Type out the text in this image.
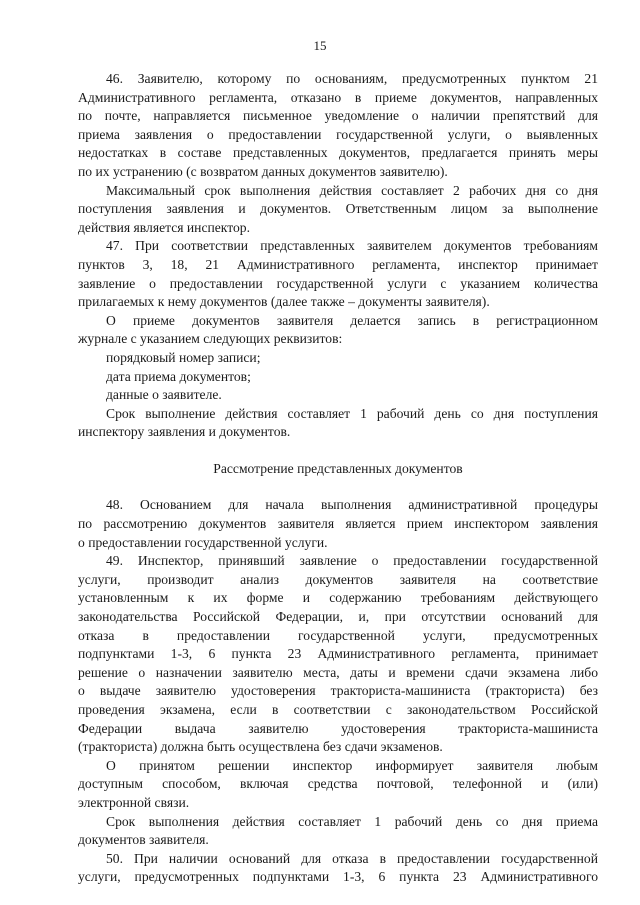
15

46. Заявителю, которому по основаниям, предусмотренных пунктом 21

Административного регламента, отказано в приеме документов, направленных

по почте, направляется письменное уведомление о наличии препятствий для

приема заявления о предоставлении государственной услуги, о выявленных

недостатках в составе представленных документов, предлагается принять меры

по их устранению (с возвратом данных документов заявителю).

Максимальный срок выполнения действия составляет 2 рабочих дня со дня

поступления заявления и документов. Ответственным лицом за выполнение

действия является инспектор.

47. При соответствии представленных заявителем документов требованиям

пунктов 3, 18, 21 Административного регламента, инспектор принимает

заявление о предоставлении государственной услуги с указанием количества

прилагаемых к нему документов (далее также – документы заявителя).

О приеме документов заявителя делается запись в регистрационном

журнале с указанием следующих реквизитов:

порядковый номер записи;

дата приема документов;

данные о заявителе.

Срок выполнение действия составляет 1 рабочий день со дня поступления

инспектору заявления и документов.

Рассмотрение представленных документов

48. Основанием для начала выполнения административной процедуры

по рассмотрению документов заявителя является прием инспектором заявления

о предоставлении государственной услуги.

49. Инспектор, принявший заявление о предоставлении государственной

услуги, производит анализ документов заявителя на соответствие

установленным к их форме и содержанию требованиям действующего

законодательства Российской Федерации, и, при отсутствии оснований для

отказа в предоставлении государственной услуги, предусмотренных

подпунктами 1-3, 6 пункта 23 Административного регламента, принимает

решение о назначении заявителю места, даты и времени сдачи экзамена либо

о выдаче заявителю удостоверения тракториста-машиниста (тракториста) без

проведения экзамена, если в соответствии с законодательством Российской

Федерации выдача заявителю удостоверения тракториста-машиниста

(тракториста) должна быть осуществлена без сдачи экзаменов.

О принятом решении инспектор информирует заявителя любым

доступным способом, включая средства почтовой, телефонной и (или)

электронной связи.

Срок выполнения действия составляет 1 рабочий день со дня приема

документов заявителя.

50. При наличии оснований для отказа в предоставлении государственной

услуги, предусмотренных подпунктами 1-3, 6 пункта 23 Административного
